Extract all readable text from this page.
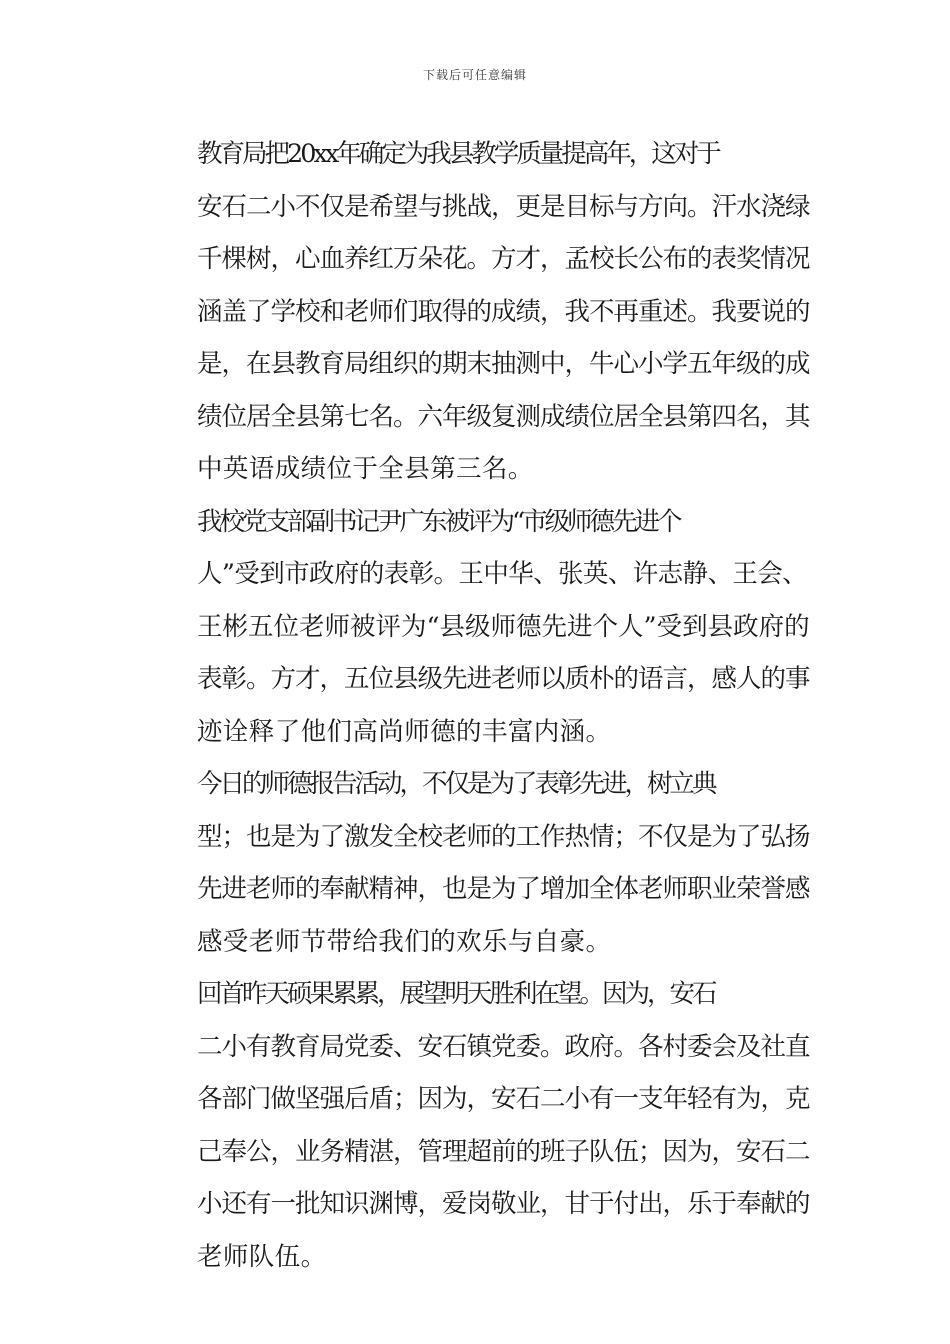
下载后可任意编辑

教育局把20xx年确定为我县教学质量提高年，这对于
安石二小不仅是希望与挑战，更是目标与方向。汗水浇绿
千棵树，心血养红万朵花。方才，孟校长公布的表奖情况
涵盖了学校和老师们取得的成绩，我不再重述。我要说的
是，在县教育局组织的期末抽测中，牛心小学五年级的成
绩位居全县第七名。六年级复测成绩位居全县第四名，其
中英语成绩位于全县第三名。

我校党支部副书记尹广东被评为“市级师德先进个
人”受到市政府的表彰。王中华、张英、许志静、王会、
王彬五位老师被评为“县级师德先进个人”受到县政府的
表彰。方才，五位县级先进老师以质朴的语言，感人的事
迹诠释了他们高尚师德的丰富内涵。

今日的师德报告活动，不仅是为了表彰先进，树立典
型；也是为了激发全校老师的工作热情；不仅是为了弘扬
先进老师的奉献精神，也是为了增加全体老师职业荣誉感
感受老师节带给我们的欢乐与自豪。

回首昨天硕果累累，展望明天胜利在望。因为，安石
二小有教育局党委、安石镇党委。政府。各村委会及社直
各部门做坚强后盾；因为，安石二小有一支年轻有为，克
己奉公，业务精湛，管理超前的班子队伍；因为，安石二
小还有一批知识渊博，爱岗敬业，甘于付出，乐于奉献的
老师队伍。
